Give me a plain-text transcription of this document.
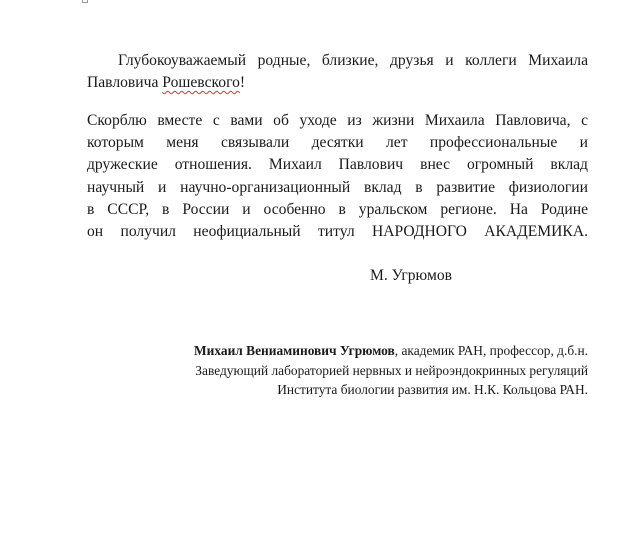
Глубокоуважаемый родные, близкие, друзья и коллеги Михаила Павловича Рошевского!

Скорблю вместе с вами об уходе из жизни Михаила Павловича, с

которым меня связывали десятки лет профессиональные и

дружеские отношения. Михаил Павлович внес огромный вклад

научный и научно-организационный вклад в развитие физиологии

в СССР, в России и особенно в уральском регионе. На Родине

он получил неофициальный титул НАРОДНОГО АКАДЕМИКА.

М. Угрюмов
Михаил Вениаминович Угрюмов, академик РАН, профессор, д.б.н.
Заведующий лабораторией нервных и нейроэндокринных регуляций
Института биологии развития им. Н.К. Кольцова РАН.
